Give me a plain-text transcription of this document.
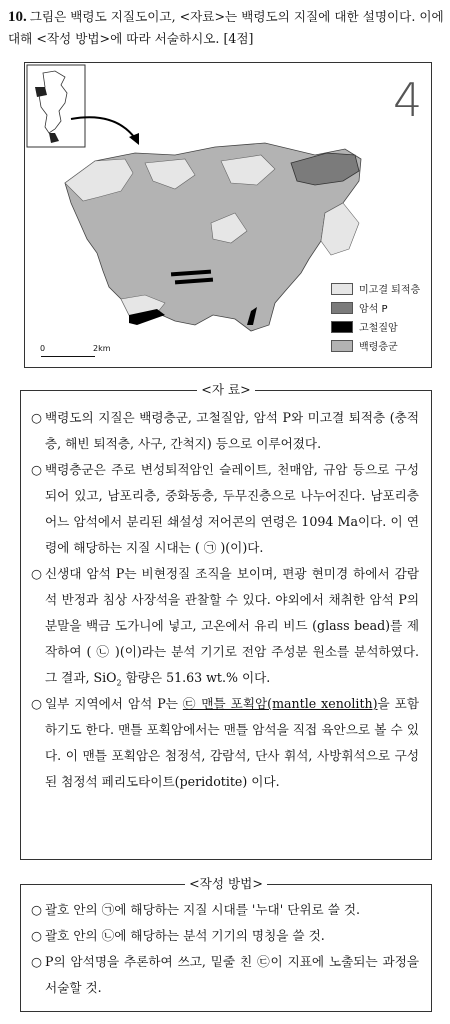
10. 그림은 백령도 지질도이고, <자료>는 백령도의 지질에 대한 설명이다. 이에 대해 <작성 방법>에 따라 서술하시오. [4점]
4
0	2km
미고결 퇴적층
암석 P
고철질암
백령층군
<자 료>
○ 백령도의 지질은 백령층군, 고철질암, 암석 P와 미고결 퇴적층 (충적층, 해빈 퇴적층, 사구, 간척지) 등으로 이루어졌다.
○ 백령층군은 주로 변성퇴적암인 슬레이트, 천매암, 규암 등으로 구성되어 있고, 남포리층, 중화동층, 두무진층으로 나누어진다. 남포리층 어느 암석에서 분리된 쇄설성 저어콘의 연령은 1094 Ma이다. 이 연령에 해당하는 지질 시대는 ( ㉠ )(이)다.
○ 신생대 암석 P는 비현정질 조직을 보이며, 편광 현미경 하에서 감람석 반정과 침상 사장석을 관찰할 수 있다. 야외에서 채취한 암석 P의 분말을 백금 도가니에 넣고, 고온에서 유리 비드 (glass bead)를 제작하여 ( ㉡ )(이)라는 분석 기기로 전암 주성분 원소를 분석하였다. 그 결과, SiO$_2$ 함량은 51.63 wt.% 이다.
○ 일부 지역에서 암석 P는 ㉢ 맨틀 포획암(mantle xenolith)을 포함하기도 한다. 맨틀 포획암에서는 맨틀 암석을 직접 육안으로 볼 수 있다. 이 맨틀 포획암은 첨정석, 감람석, 단사 휘석, 사방휘석으로 구성된 첨정석 페리도타이트(peridotite) 이다.
<작성 방법>
○ 괄호 안의 ㉠에 해당하는 지질 시대를 '누대' 단위로 쓸 것.
○ 괄호 안의 ㉡에 해당하는 분석 기기의 명칭을 쓸 것.
○ P의 암석명을 추론하여 쓰고, 밑줄 친 ㉢이 지표에 노출되는 과정을 서술할 것.
